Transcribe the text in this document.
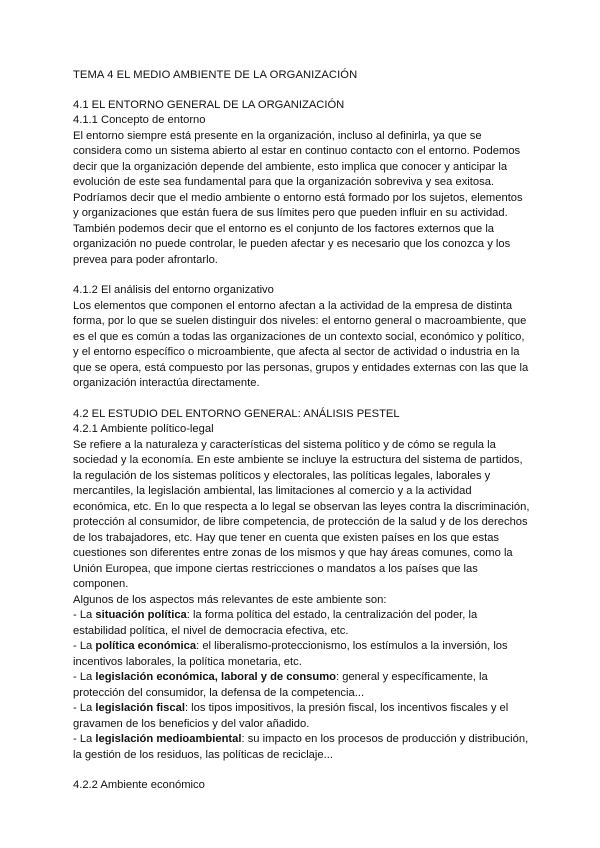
TEMA 4 EL MEDIO AMBIENTE DE LA ORGANIZACIÓN
4.1 EL ENTORNO GENERAL DE LA ORGANIZACIÓN
4.1.1 Concepto de entorno

El entorno siempre está presente en la organización, incluso al definirla, ya que se considera como un sistema abierto al estar en continuo contacto con el entorno. Podemos decir que la organización depende del ambiente, esto implica que conocer y anticipar la evolución de este sea fundamental para que la organización sobreviva y sea exitosa. Podríamos decir que el medio ambiente o entorno está formado por los sujetos, elementos y organizaciones que están fuera de sus límites pero que pueden influir en su actividad. También podemos decir que el entorno es el conjunto de los factores externos que la organización no puede controlar, le pueden afectar y es necesario que los conozca y los prevea para poder afrontarlo.

4.1.2 El análisis del entorno organizativo

Los elementos que componen el entorno afectan a la actividad de la empresa de distinta forma, por lo que se suelen distinguir dos niveles: el entorno general o macroambiente, que es el que es común a todas las organizaciones de un contexto social, económico y político, y el entorno específico o microambiente, que afecta al sector de actividad o industria en la que se opera, está compuesto por las personas, grupos y entidades externas con las que la organización interactúa directamente.

4.2 EL ESTUDIO DEL ENTORNO GENERAL: ANÁLISIS PESTEL
4.2.1 Ambiente político-legal

Se refiere a la naturaleza y características del sistema político y de cómo se regula la sociedad y la economía. En este ambiente se incluye la estructura del sistema de partidos, la regulación de los sistemas políticos y electorales, las políticas legales, laborales y mercantiles, la legislación ambiental, las limitaciones al comercio y a la actividad económica, etc. En lo que respecta a lo legal se observan las leyes contra la discriminación, protección al consumidor, de libre competencia, de protección de la salud y de los derechos de los trabajadores, etc. Hay que tener en cuenta que existen países en los que estas cuestiones son diferentes entre zonas de los mismos y que hay áreas comunes, como la Unión Europea, que impone ciertas restricciones o mandatos a los países que las componen.

Algunos de los aspectos más relevantes de este ambiente son:

- La situación política: la forma política del estado, la centralización del poder, la estabilidad política, el nivel de democracia efectiva, etc.

- La política económica: el liberalismo-proteccionismo, los estímulos a la inversión, los incentivos laborales, la política monetaria, etc.

- La legislación económica, laboral y de consumo: general y específicamente, la protección del consumidor, la defensa de la competencia...

- La legislación fiscal: los tipos impositivos, la presión fiscal, los incentivos fiscales y el gravamen de los beneficios y del valor añadido.

- La legislación medioambiental: su impacto en los procesos de producción y distribución, la gestión de los residuos, las políticas de reciclaje...

4.2.2 Ambiente económico
